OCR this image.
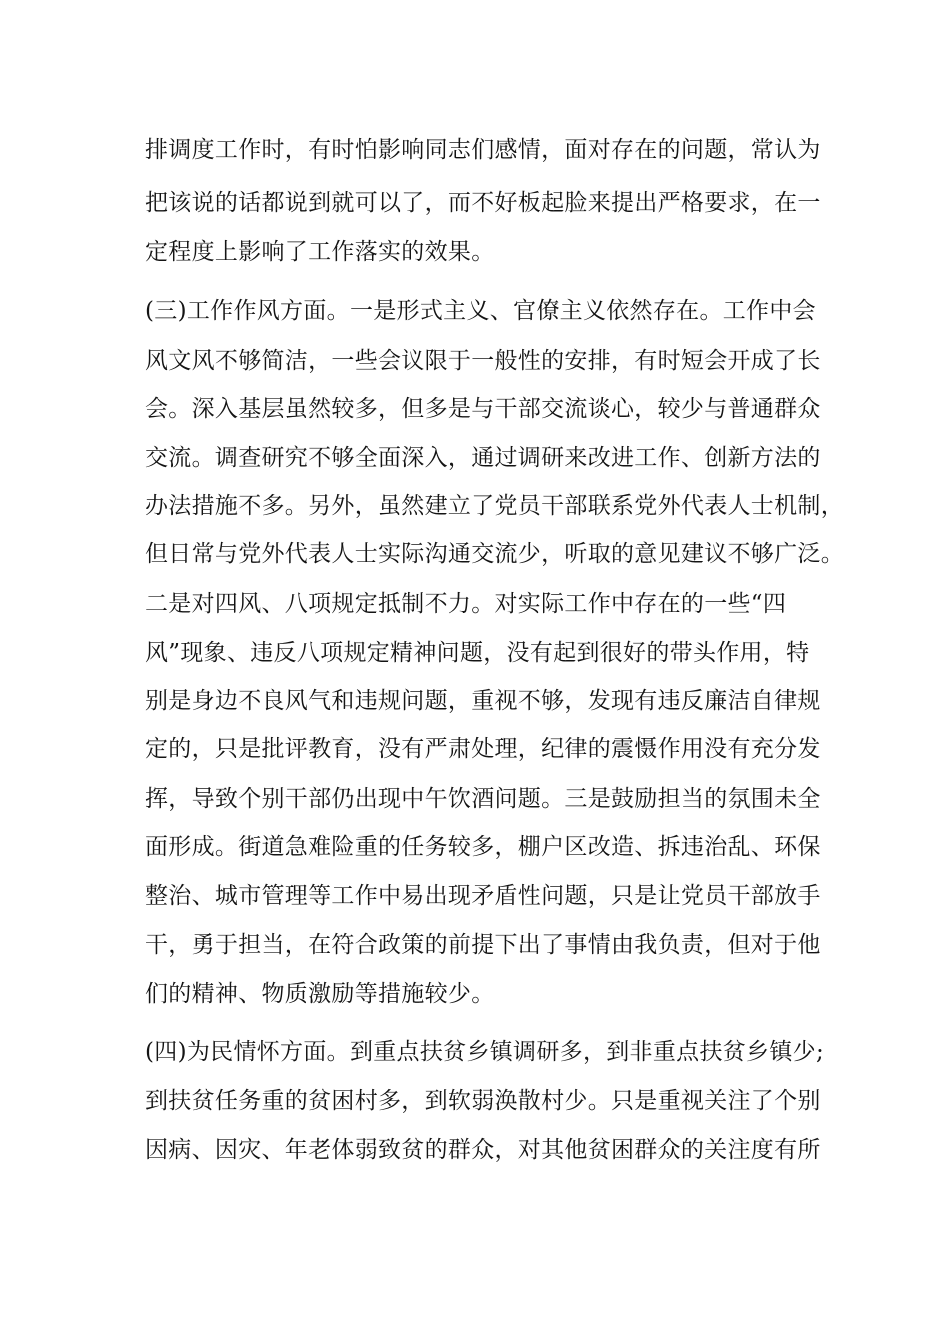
排调度工作时，有时怕影响同志们感情，面对存在的问题，常认为
把该说的话都说到就可以了，而不好板起脸来提出严格要求，在一
定程度上影响了工作落实的效果。
(三)工作作风方面。一是形式主义、官僚主义依然存在。工作中会
风文风不够简洁，一些会议限于一般性的安排，有时短会开成了长
会。深入基层虽然较多，但多是与干部交流谈心，较少与普通群众
交流。调查研究不够全面深入，通过调研来改进工作、创新方法的
办法措施不多。另外，虽然建立了党员干部联系党外代表人士机制，
但日常与党外代表人士实际沟通交流少，听取的意见建议不够广泛。
二是对四风、八项规定抵制不力。对实际工作中存在的一些“四
风”现象、违反八项规定精神问题，没有起到很好的带头作用，特
别是身边不良风气和违规问题，重视不够，发现有违反廉洁自律规
定的，只是批评教育，没有严肃处理，纪律的震慑作用没有充分发
挥，导致个别干部仍出现中午饮酒问题。三是鼓励担当的氛围未全
面形成。街道急难险重的任务较多，棚户区改造、拆违治乱、环保
整治、城市管理等工作中易出现矛盾性问题，只是让党员干部放手
干，勇于担当，在符合政策的前提下出了事情由我负责，但对于他
们的精神、物质激励等措施较少。
(四)为民情怀方面。到重点扶贫乡镇调研多，到非重点扶贫乡镇少;
到扶贫任务重的贫困村多，到软弱涣散村少。只是重视关注了个别
因病、因灾、年老体弱致贫的群众，对其他贫困群众的关注度有所
